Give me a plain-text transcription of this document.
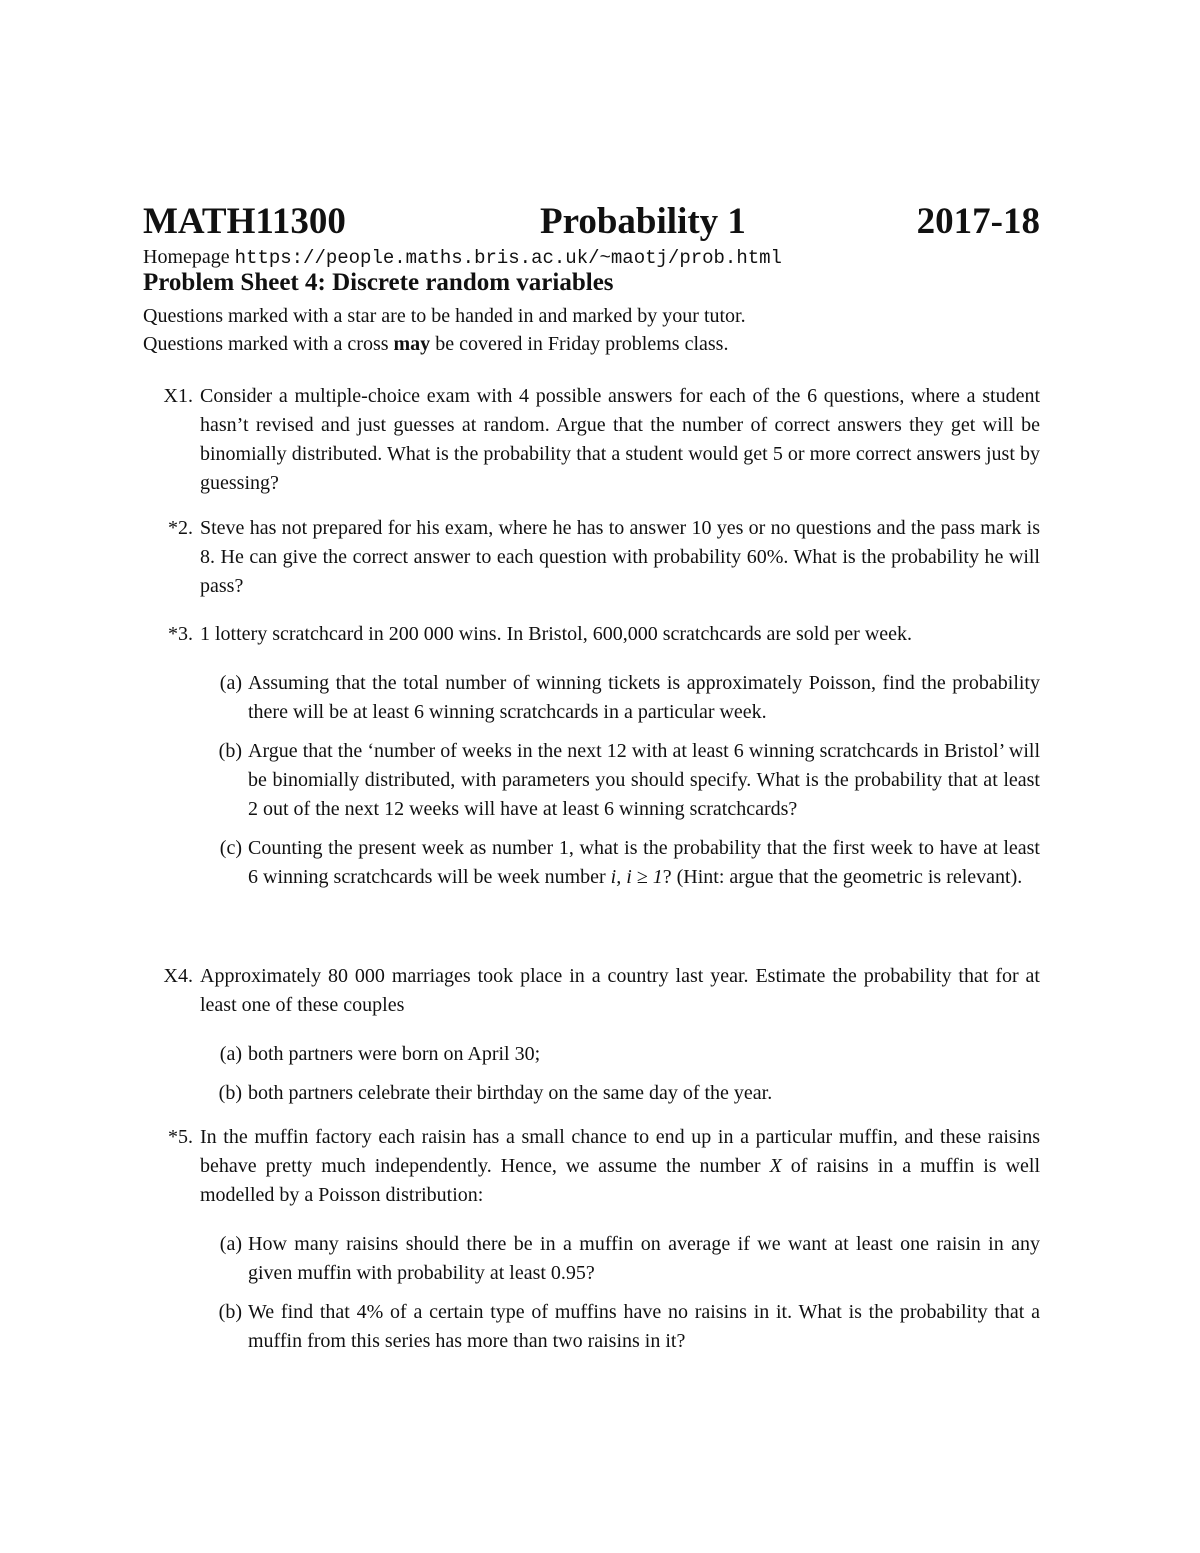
MATH11300	Probability 1	2017-18
Homepage https://people.maths.bris.ac.uk/~maotj/prob.html
Problem Sheet 4: Discrete random variables
Questions marked with a star are to be handed in and marked by your tutor.
Questions marked with a cross may be covered in Friday problems class.
X1. Consider a multiple-choice exam with 4 possible answers for each of the 6 questions, where a student hasn’t revised and just guesses at random. Argue that the number of correct answers they get will be binomially distributed. What is the probability that a student would get 5 or more correct answers just by guessing?
*2. Steve has not prepared for his exam, where he has to answer 10 yes or no questions and the pass mark is 8. He can give the correct answer to each question with probability 60%. What is the probability he will pass?
*3. 1 lottery scratchcard in 200 000 wins. In Bristol, 600,000 scratchcards are sold per week.
(a) Assuming that the total number of winning tickets is approximately Poisson, find the probability there will be at least 6 winning scratchcards in a particular week.
(b) Argue that the ‘number of weeks in the next 12 with at least 6 winning scratchcards in Bristol’ will be binomially distributed, with parameters you should specify. What is the probability that at least 2 out of the next 12 weeks will have at least 6 winning scratchcards?
(c) Counting the present week as number 1, what is the probability that the first week to have at least 6 winning scratchcards will be week number i, i ≥ 1? (Hint: argue that the geometric is relevant).
X4. Approximately 80 000 marriages took place in a country last year. Estimate the probability that for at least one of these couples
(a) both partners were born on April 30;
(b) both partners celebrate their birthday on the same day of the year.
*5. In the muffin factory each raisin has a small chance to end up in a particular muffin, and these raisins behave pretty much independently. Hence, we assume the number X of raisins in a muffin is well modelled by a Poisson distribution:
(a) How many raisins should there be in a muffin on average if we want at least one raisin in any given muffin with probability at least 0.95?
(b) We find that 4% of a certain type of muffins have no raisins in it. What is the probability that a muffin from this series has more than two raisins in it?
